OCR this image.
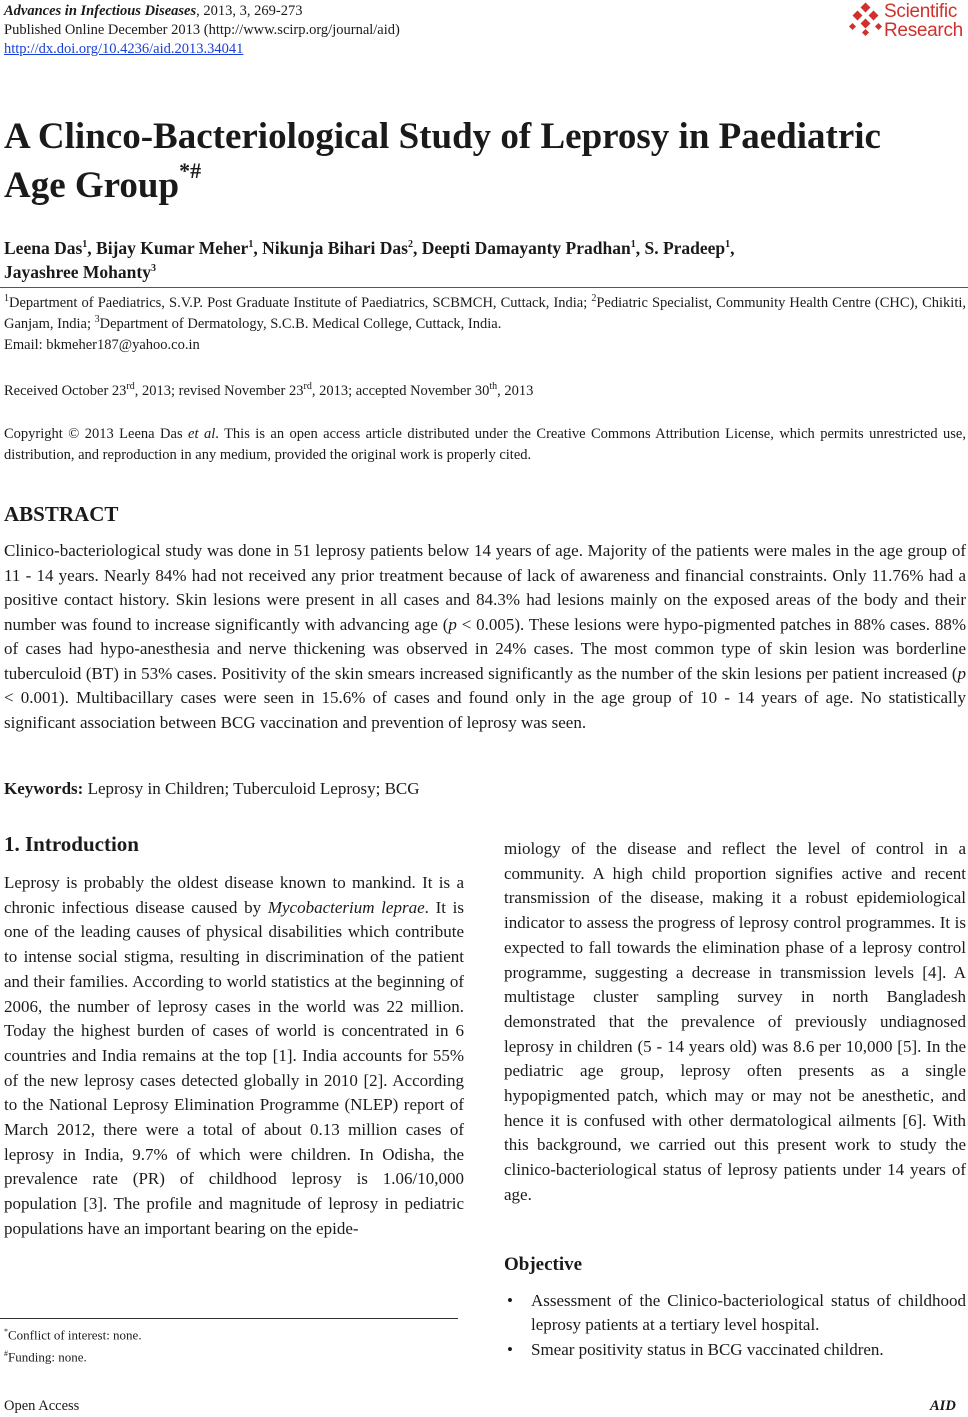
Advances in Infectious Diseases, 2013, 3, 269-273
Published Online December 2013 (http://www.scirp.org/journal/aid)
http://dx.doi.org/10.4236/aid.2013.34041
Scientific
Research
A Clinco-Bacteriological Study of Leprosy in Paediatric
Age Group*#
Leena Das$^1$, Bijay Kumar Meher$^1$, Nikunja Bihari Das$^2$, Deepti Damayanty Pradhan$^1$, S. Pradeep$^1$,
Jayashree Mohanty$^3$
$^1$Department of Paediatrics, S.V.P. Post Graduate Institute of Paediatrics, SCBMCH, Cuttack, India; $^2$Pediatric Specialist, Community Health Centre (CHC), Chikiti, Ganjam, India; $^3$Department of Dermatology, S.C.B. Medical College, Cuttack, India.
Email: bkmeher187@yahoo.co.in
Received October 23rd, 2013; revised November 23rd, 2013; accepted November 30th, 2013
Copyright © 2013 Leena Das et al. This is an open access article distributed under the Creative Commons Attribution License, which permits unrestricted use, distribution, and reproduction in any medium, provided the original work is properly cited.
ABSTRACT
Clinico-bacteriological study was done in 51 leprosy patients below 14 years of age. Majority of the patients were males in the age group of 11 - 14 years. Nearly 84% had not received any prior treatment because of lack of awareness and financial constraints. Only 11.76% had a positive contact history. Skin lesions were present in all cases and 84.3% had lesions mainly on the exposed areas of the body and their number was found to increase significantly with advancing age (p < 0.005). These lesions were hypo-pigmented patches in 88% cases. 88% of cases had hypo-anesthesia and nerve thickening was observed in 24% cases. The most common type of skin lesion was borderline tuberculoid (BT) in 53% cases. Positivity of the skin smears increased significantly as the number of the skin lesions per patient increased (p < 0.001). Multibacillary cases were seen in 15.6% of cases and found only in the age group of 10 - 14 years of age. No statistically significant association between BCG vaccination and prevention of leprosy was seen.
Keywords: Leprosy in Children; Tuberculoid Leprosy; BCG
1. Introduction
Leprosy is probably the oldest disease known to mankind. It is a chronic infectious disease caused by Mycobacterium leprae. It is one of the leading causes of physical disabilities which contribute to intense social stigma, resulting in discrimination of the patient and their families. According to world statistics at the beginning of 2006, the number of leprosy cases in the world was 22 million. Today the highest burden of cases of world is concentrated in 6 countries and India remains at the top [1]. India accounts for 55% of the new leprosy cases detected globally in 2010 [2]. According to the National Leprosy Elimination Programme (NLEP) report of March 2012, there were a total of about 0.13 million cases of leprosy in India, 9.7% of which were children. In Odisha, the prevalence rate (PR) of childhood leprosy is 1.06/10,000 population [3]. The profile and magnitude of leprosy in pediatric populations have an important bearing on the epide-
miology of the disease and reflect the level of control in a community. A high child proportion signifies active and recent transmission of the disease, making it a robust epidemiological indicator to assess the progress of leprosy control programmes. It is expected to fall towards the elimination phase of a leprosy control programme, suggesting a decrease in transmission levels [4]. A multistage cluster sampling survey in north Bangladesh demonstrated that the prevalence of previously undiagnosed leprosy in children (5 - 14 years old) was 8.6 per 10,000 [5]. In the pediatric age group, leprosy often presents as a single hypopigmented patch, which may or may not be anesthetic, and hence it is confused with other dermatological ailments [6]. With this background, we carried out this present work to study the clinico-bacteriological status of leprosy patients under 14 years of age.
Objective
• Assessment of the Clinico-bacteriological status of childhood leprosy patients at a tertiary level hospital.
• Smear positivity status in BCG vaccinated children.
*Conflict of interest: none.
#Funding: none.
Open Access	AID
